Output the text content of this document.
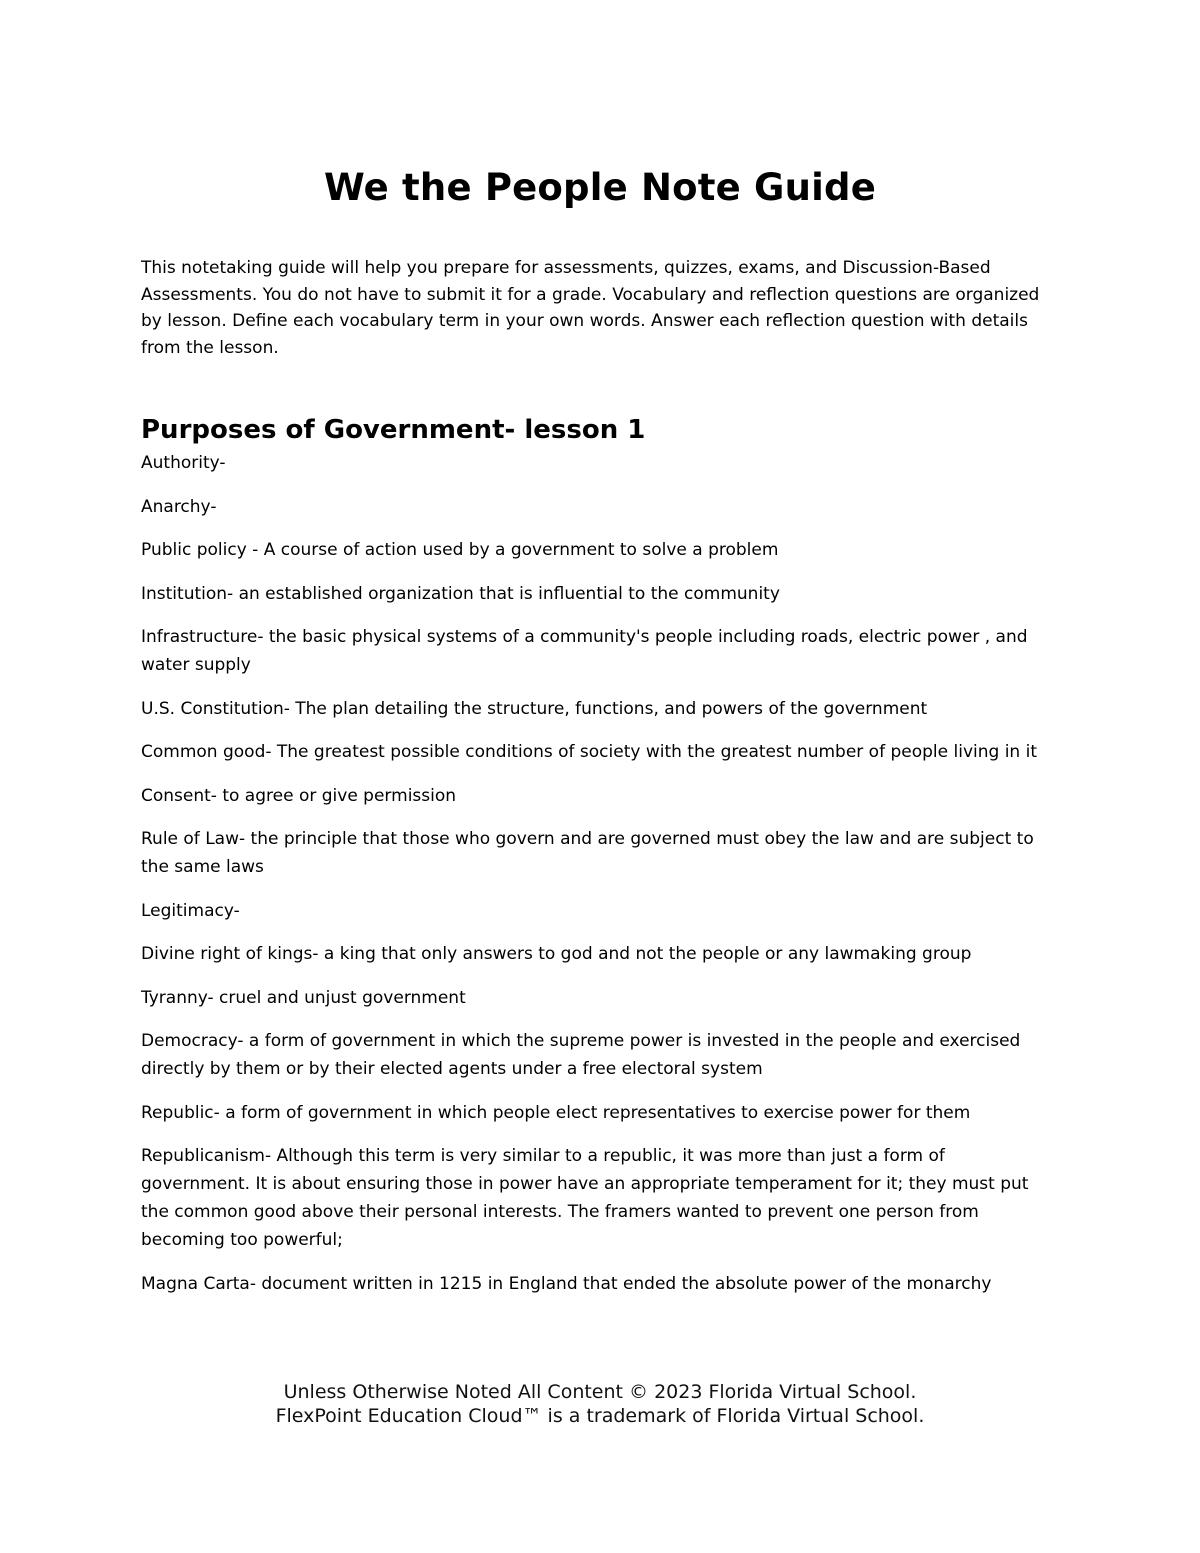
We the People Note Guide
This notetaking guide will help you prepare for assessments, quizzes, exams, and Discussion-Based Assessments. You do not have to submit it for a grade. Vocabulary and reflection questions are organized by lesson. Define each vocabulary term in your own words. Answer each reflection question with details from the lesson.
Purposes of Government- lesson 1
Authority-
Anarchy-
Public policy - A course of action used by a government to solve a problem
Institution- an established organization that is influential to the community
Infrastructure- the basic physical systems of a community's people including roads, electric power , and water supply
U.S. Constitution- The plan detailing the structure, functions, and powers of the government
Common good- The greatest possible conditions of society with the greatest number of people living in it
Consent- to agree or give permission
Rule of Law- the principle that those who govern and are governed must obey the law and are subject to the same laws
Legitimacy-
Divine right of kings- a king that only answers to god and not the people or any lawmaking group
Tyranny- cruel and unjust government
Democracy- a form of government in which the supreme power is invested in the people and exercised directly by them or by their elected agents under a free electoral system
Republic- a form of government in which people elect representatives to exercise power for them
Republicanism- Although this term is very similar to a republic, it was more than just a form of government. It is about ensuring those in power have an appropriate temperament for it; they must put the common good above their personal interests. The framers wanted to prevent one person from becoming too powerful;
Magna Carta- document written in 1215 in England that ended the absolute power of the monarchy
Unless Otherwise Noted All Content © 2023 Florida Virtual School.
FlexPoint Education Cloud™ is a trademark of Florida Virtual School.
